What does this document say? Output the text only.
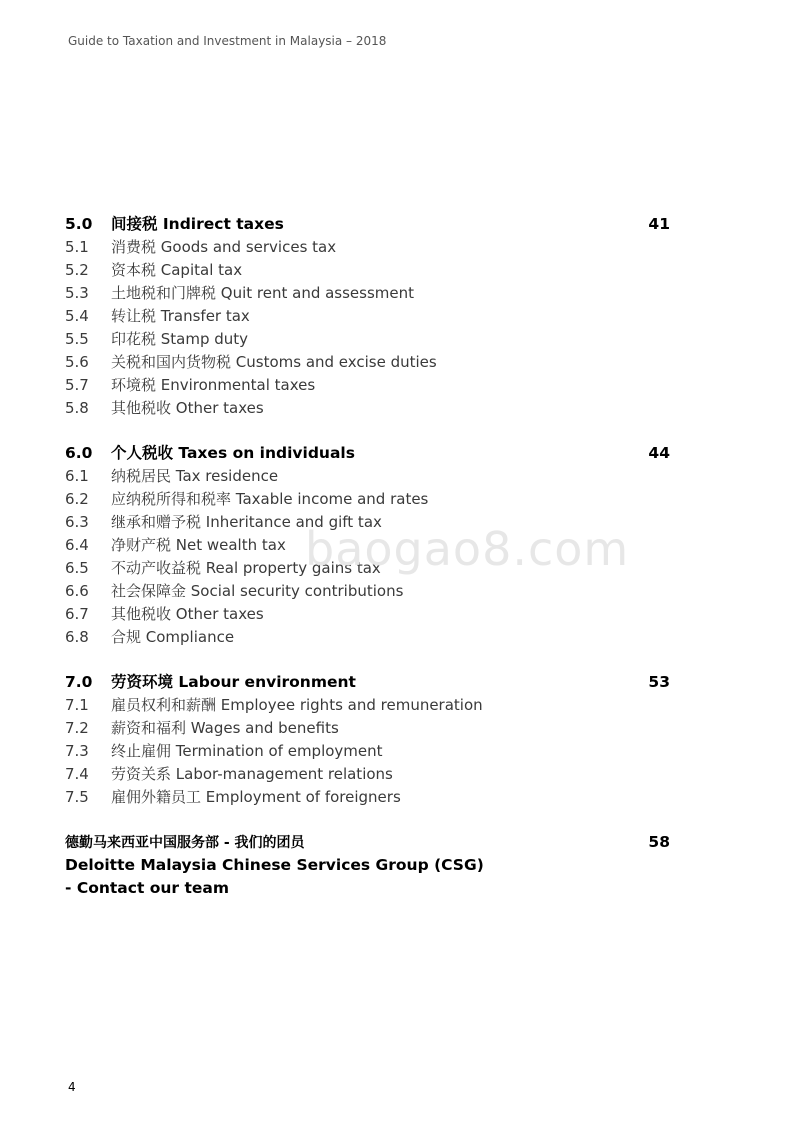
Guide to Taxation and Investment in Malaysia – 2018
5.0	间接税 Indirect taxes	41
5.1	消费税 Goods and services tax
5.2	资本税 Capital tax
5.3	土地税和门牌税 Quit rent and assessment
5.4	转让税 Transfer tax
5.5	印花税 Stamp duty
5.6	关税和国内货物税 Customs and excise duties
5.7	环境税 Environmental taxes
5.8	其他税收 Other taxes
6.0	个人税收 Taxes on individuals	44
6.1	纳税居民 Tax residence
6.2	应纳税所得和税率 Taxable income and rates
6.3	继承和赠予税 Inheritance and gift tax
6.4	净财产税 Net wealth tax
6.5	不动产收益税 Real property gains tax
6.6	社会保障金 Social security contributions
6.7	其他税收 Other taxes
6.8	合规 Compliance
7.0	劳资环境 Labour environment	53
7.1	雇员权利和薪酬 Employee rights and remuneration
7.2	薪资和福利 Wages and benefits
7.3	终止雇佣 Termination of employment
7.4	劳资关系 Labor-management relations
7.5	雇佣外籍员工 Employment of foreigners
德勤马来西亚中国服务部 - 我们的团员	58
Deloitte Malaysia Chinese Services Group (CSG)
- Contact our team
baogao8.com
4
